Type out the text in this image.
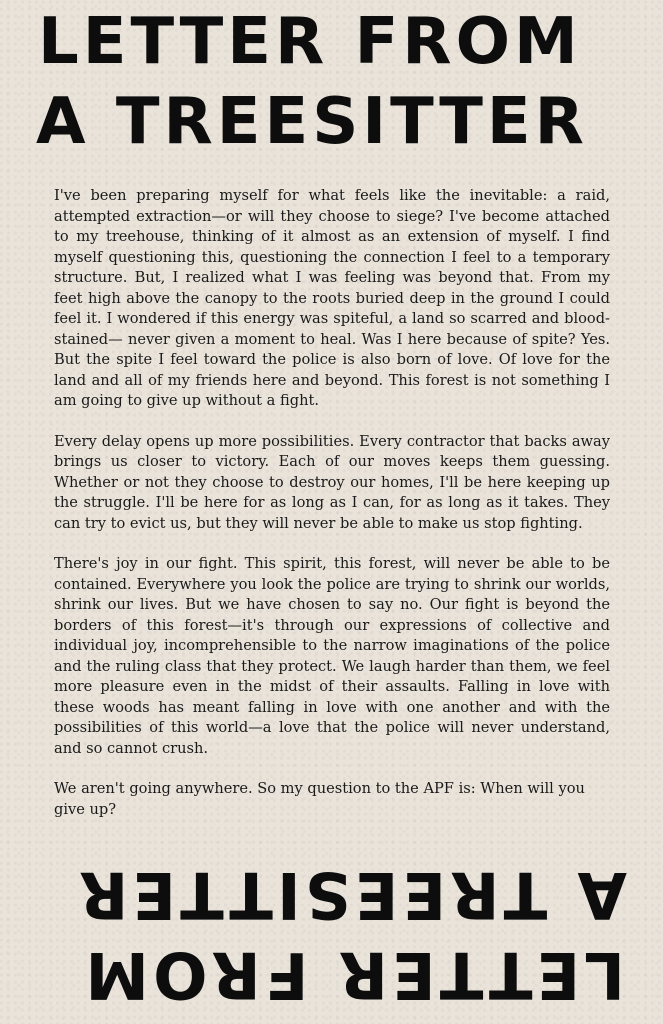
LETTER FROM
A TREESITTER

I've been preparing myself for what feels like the inevitable: a raid, attempted extraction—or will they choose to siege? I've become attached to my treehouse, thinking of it almost as an extension of myself. I find myself questioning this, questioning the connection I feel to a temporary structure. But, I realized what I was feeling was beyond that. From my feet high above the canopy to the roots buried deep in the ground I could feel it. I wondered if this energy was spiteful, a land so scarred and blood-stained— never given a moment to heal. Was I here because of spite? Yes. But the spite I feel toward the police is also born of love. Of love for the land and all of my friends here and beyond. This forest is not something I am going to give up without a fight.

Every delay opens up more possibilities. Every contractor that backs away brings us closer to victory. Each of our moves keeps them guessing. Whether or not they choose to destroy our homes, I'll be here keeping up the struggle. I'll be here for as long as I can, for as long as it takes. They can try to evict us, but they will never be able to make us stop fighting.

There's joy in our fight. This spirit, this forest, will never be able to be contained. Everywhere you look the police are trying to shrink our worlds, shrink our lives. But we have chosen to say no. Our fight is beyond the borders of this forest—it's through our expressions of collective and individual joy, incomprehensible to the narrow imaginations of the police and the ruling class that they protect. We laugh harder than them, we feel more pleasure even in the midst of their assaults. Falling in love with these woods has meant falling in love with one another and with the possibilities of this world—a love that the police will never understand, and so cannot crush.

We aren't going anywhere. So my question to the APF is: When will you give up?

LETTER FROM
A TREESITTER
